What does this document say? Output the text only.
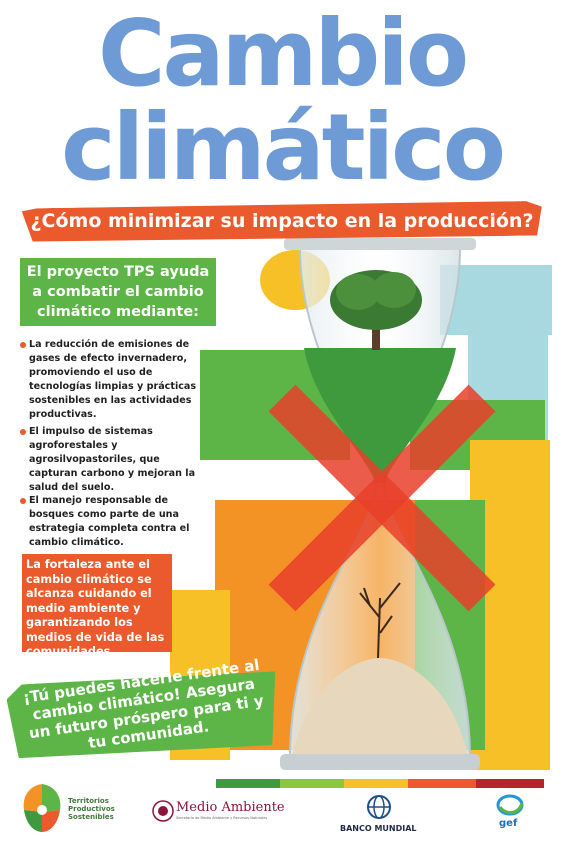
Cambio
climático
¿Cómo minimizar su impacto en la producción?
El proyecto TPS ayuda a combatir el cambio climático mediante:
La reducción de emisiones de gases de efecto invernadero, promoviendo el uso de tecnologías limpias y prácticas sostenibles en las actividades productivas.
El impulso de sistemas agroforestales y agrosilvopastoriles, que capturan carbono y mejoran la salud del suelo.
El manejo responsable de bosques como parte de una estrategia completa contra el cambio climático.
La fortaleza ante el cambio climático se alcanza cuidando el medio ambiente y garantizando los medios de vida de las comunidades.
¡Tú puedes hacerle frente al cambio climático! Asegura un futuro próspero para ti y tu comunidad.
Territorios Productivos Sostenibles
Medio Ambiente
Secretaría de Medio Ambiente y Recursos Naturales
BANCO MUNDIAL	gef
